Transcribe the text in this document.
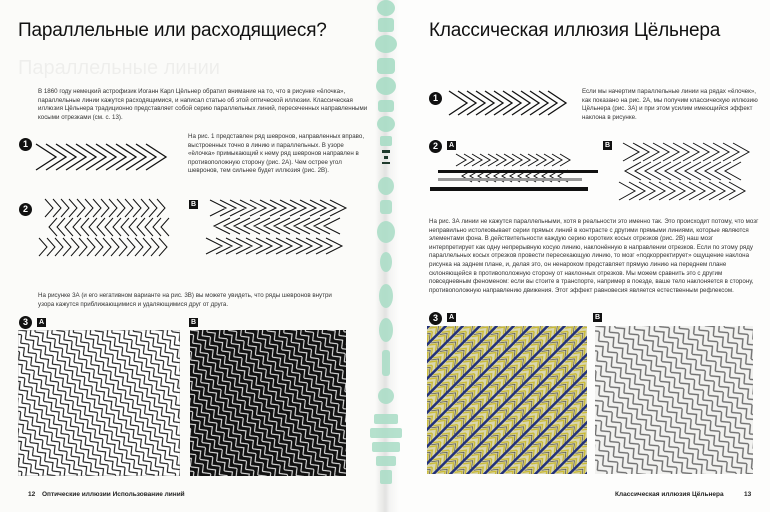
Параллельные или расходящиеся?
Параллельные линии
В 1860 году немецкий астрофизик Иоганн Карл Цёльнер обратил внимание на то, что в рисунке «ёлочка», параллельные линии кажутся расходящимися, и написал статью об этой оптической иллюзии. Классическая иллюзия Цёльнера традиционно представляет собой серию параллельных линий, пересеченных направленными косыми отрезками (см. с. 13).
1
На рис. 1 представлен ряд шевронов, направленных вправо, выстроенных точно в линию и параллельных. В узоре «ёлочка» примыкающий к нему ряд шевронов направлен в противоположную сторону (рис. 2А). Чем острее угол шевронов, тем сильнее будет иллюзия (рис. 2В).
2	B
На рисунке 3А (и его негативном варианте на рис. 3В) вы можете увидеть, что ряды шевронов внутри узора кажутся приближающимися и удаляющимися друг от друга.
3	A	B
12 Оптические иллюзии Использование линий
Классическая иллюзия Цёльнера
1
Если мы начертим параллельные линии на рядах «ёлочек», как показано на рис. 2А, мы получим классическую иллюзию Цёльнера (рис. 3А) и при этом усилим имеющийся эффект наклона в рисунке.
2	A	B
На рис. 3А линии не кажутся параллельными, хотя в реальности это именно так. Это происходит потому, что мозг неправильно истолковывает серии прямых линий в контрасте с другими прямыми линиями, которые являются элементами фона. В действительности каждую серию коротких косых отрезков (рис. 2В) наш мозг интерпретирует как одну непрерывную косую линию, наклонённую в направлении отрезков. Если по этому ряду параллельных косых отрезков провести пересекающую линию, то мозг «подкорректирует» ощущение наклона рисунка на заднем плане, и, делая это, он ненароком представляет прямую линию на переднем плане склоняющейся в противоположную сторону от наклонных отрезков. Мы можем сравнить это с другим повседневным феноменом: если вы стоите в транспорте, например в поезде, ваше тело наклоняется в сторону, противоположную направлению движения. Этот эффект равновесия является естественным рефлексом.
3	A	B
Классическая иллюзия Цёльнера	13
